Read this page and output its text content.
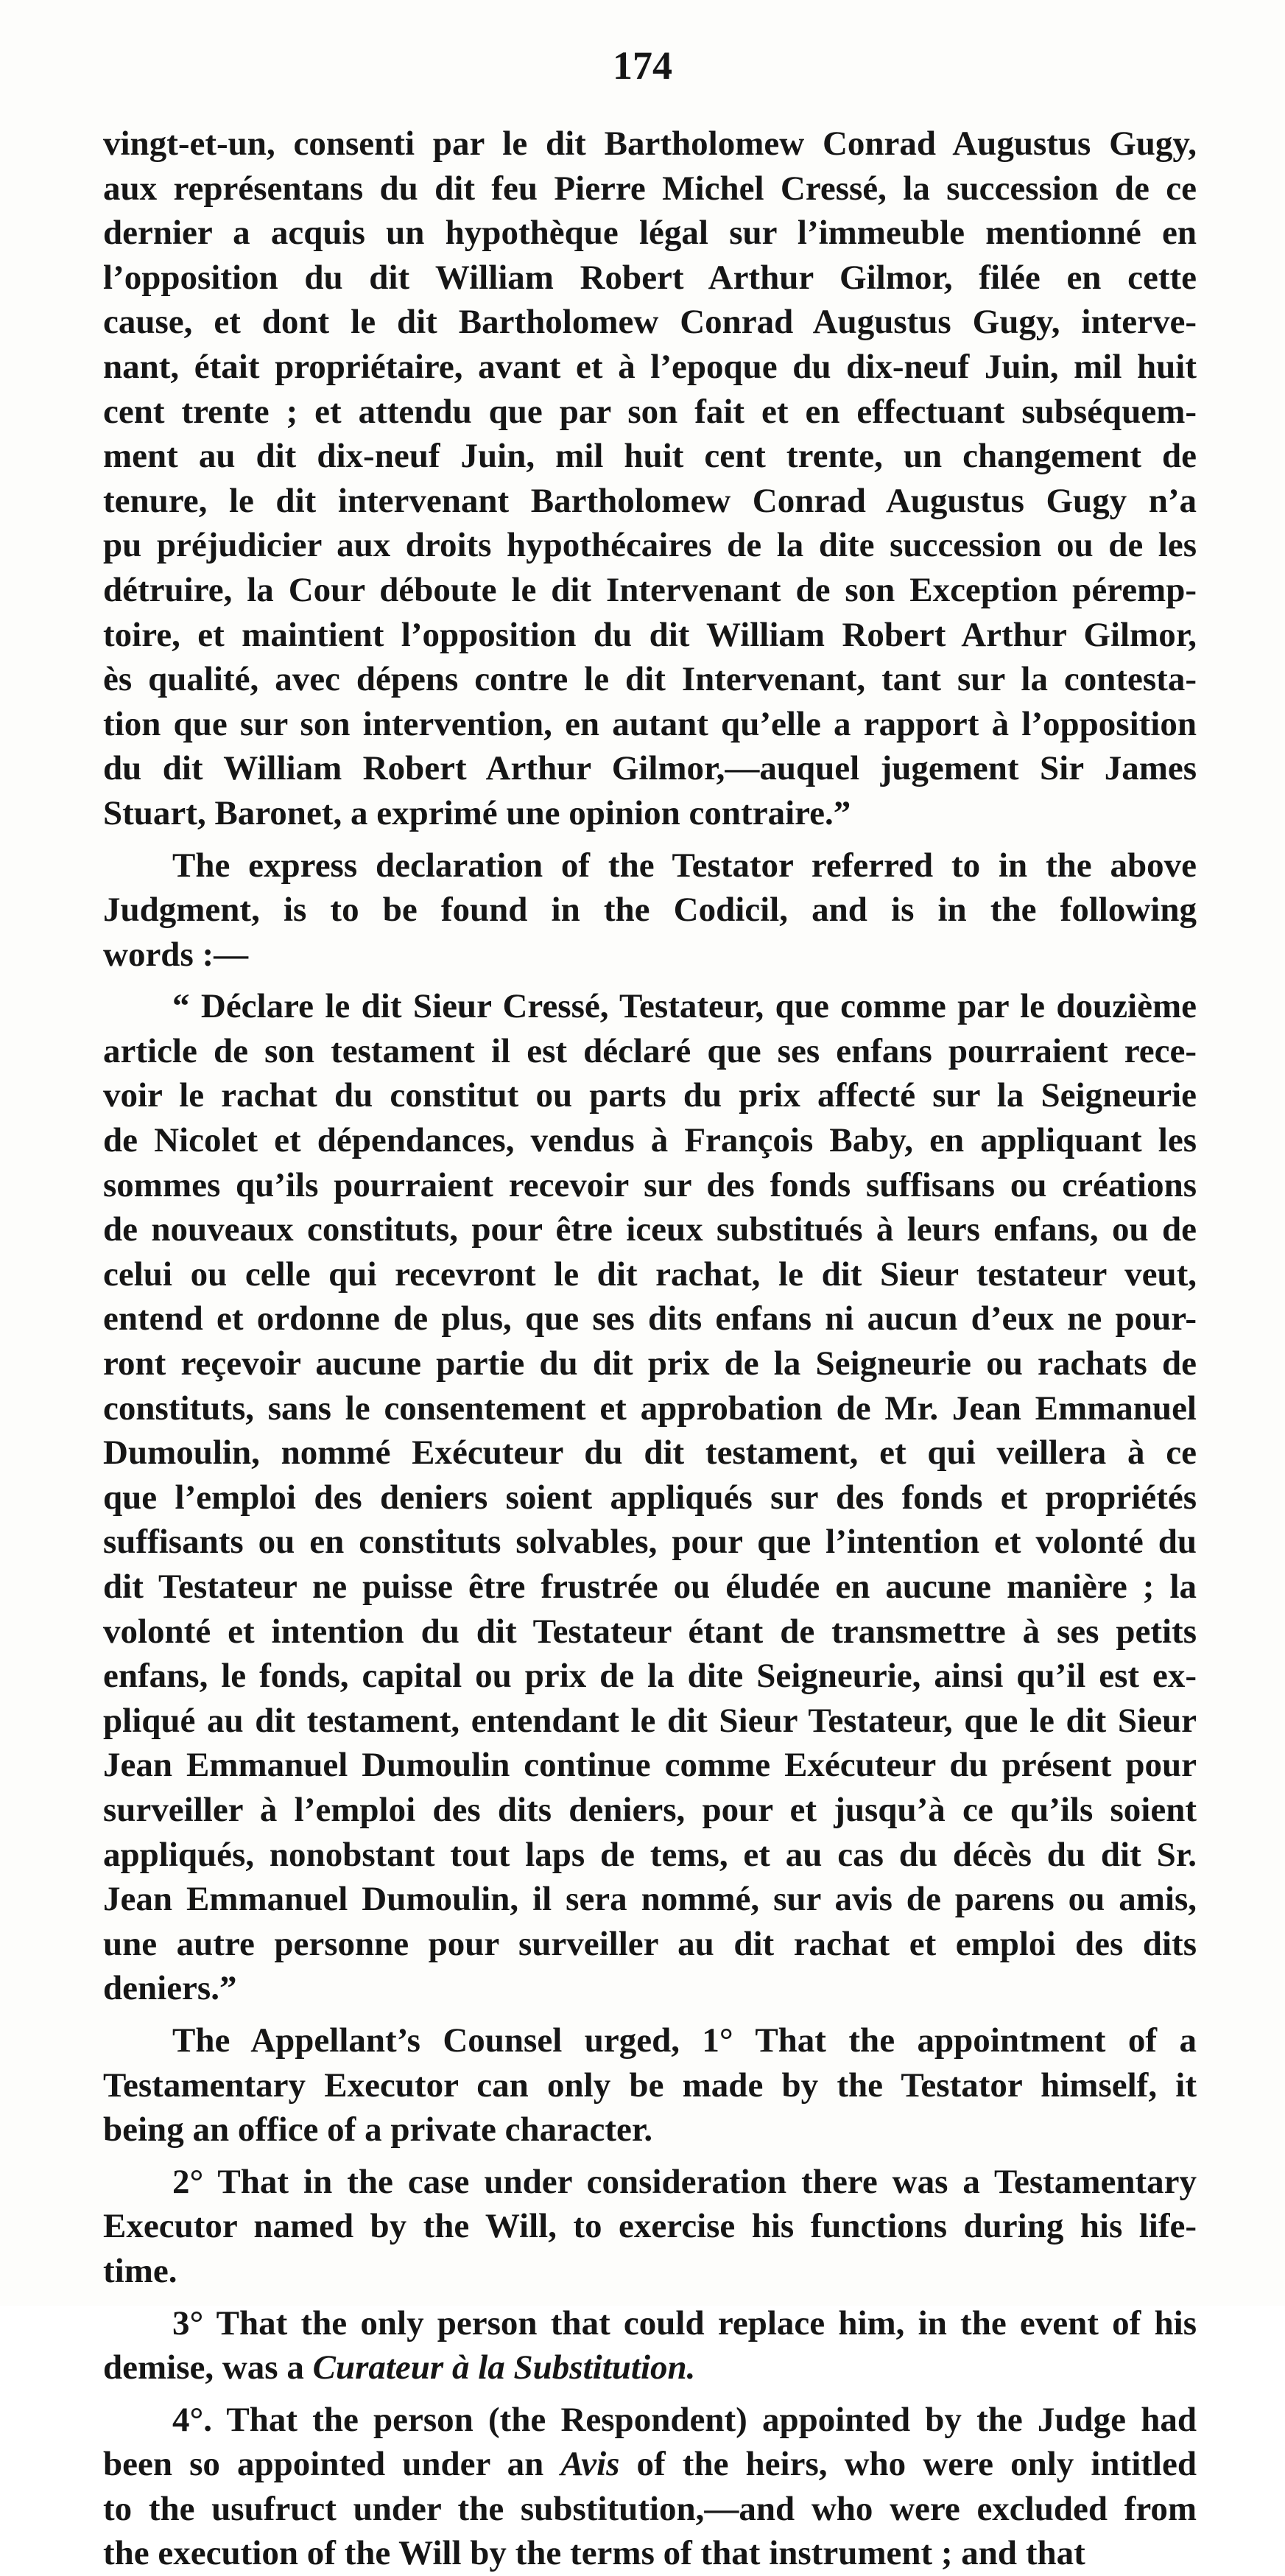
174
vingt-et-un, consenti par le dit Bartholomew Conrad Augustus Gugy,
aux représentans du dit feu Pierre Michel Cressé, la succession de ce
dernier a acquis un hypothèque légal sur l’immeuble mentionné en
l’opposition du dit William Robert Arthur Gilmor, filée en cette
cause, et dont le dit Bartholomew Conrad Augustus Gugy, interve-
nant, était propriétaire, avant et à l’epoque du dix-neuf Juin, mil huit
cent trente ; et attendu que par son fait et en effectuant subséquem-
ment au dit dix-neuf Juin, mil huit cent trente, un changement de
tenure, le dit intervenant Bartholomew Conrad Augustus Gugy n’a
pu préjudicier aux droits hypothécaires de la dite succession ou de les
détruire, la Cour déboute le dit Intervenant de son Exception péremp-
toire, et maintient l’opposition du dit William Robert Arthur Gilmor,
ès qualité, avec dépens contre le dit Intervenant, tant sur la contesta-
tion que sur son intervention, en autant qu’elle a rapport à l’opposition
du dit William Robert Arthur Gilmor,—auquel jugement Sir James
Stuart, Baronet, a exprimé une opinion contraire.”
The express declaration of the Testator referred to in the above
Judgment, is to be found in the Codicil, and is in the following
words :—
“ Déclare le dit Sieur Cressé, Testateur, que comme par le douzième
article de son testament il est déclaré que ses enfans pourraient rece-
voir le rachat du constitut ou parts du prix affecté sur la Seigneurie
de Nicolet et dépendances, vendus à François Baby, en appliquant les
sommes qu’ils pourraient recevoir sur des fonds suffisans ou créations
de nouveaux constituts, pour être iceux substitués à leurs enfans, ou de
celui ou celle qui recevront le dit rachat, le dit Sieur testateur veut,
entend et ordonne de plus, que ses dits enfans ni aucun d’eux ne pour-
ront reçevoir aucune partie du dit prix de la Seigneurie ou rachats de
constituts, sans le consentement et approbation de Mr. Jean Emmanuel
Dumoulin, nommé Exécuteur du dit testament, et qui veillera à ce
que l’emploi des deniers soient appliqués sur des fonds et propriétés
suffisants ou en constituts solvables, pour que l’intention et volonté du
dit Testateur ne puisse être frustrée ou éludée en aucune manière ; la
volonté et intention du dit Testateur étant de transmettre à ses petits
enfans, le fonds, capital ou prix de la dite Seigneurie, ainsi qu’il est ex-
pliqué au dit testament, entendant le dit Sieur Testateur, que le dit Sieur
Jean Emmanuel Dumoulin continue comme Exécuteur du présent pour
surveiller à l’emploi des dits deniers, pour et jusqu’à ce qu’ils soient
appliqués, nonobstant tout laps de tems, et au cas du décès du dit Sr.
Jean Emmanuel Dumoulin, il sera nommé, sur avis de parens ou amis,
une autre personne pour surveiller au dit rachat et emploi des dits
deniers.”
The Appellant’s Counsel urged, 1° That the appointment of a
Testamentary Executor can only be made by the Testator himself, it
being an office of a private character.
2° That in the case under consideration there was a Testamentary
Executor named by the Will, to exercise his functions during his life-
time.
3° That the only person that could replace him, in the event of his
demise, was a Curateur à la Substitution.
4°. That the person (the Respondent) appointed by the Judge had
been so appointed under an Avis of the heirs, who were only intitled
to the usufruct under the substitution,—and who were excluded from
the execution of the Will by the terms of that instrument ; and that
